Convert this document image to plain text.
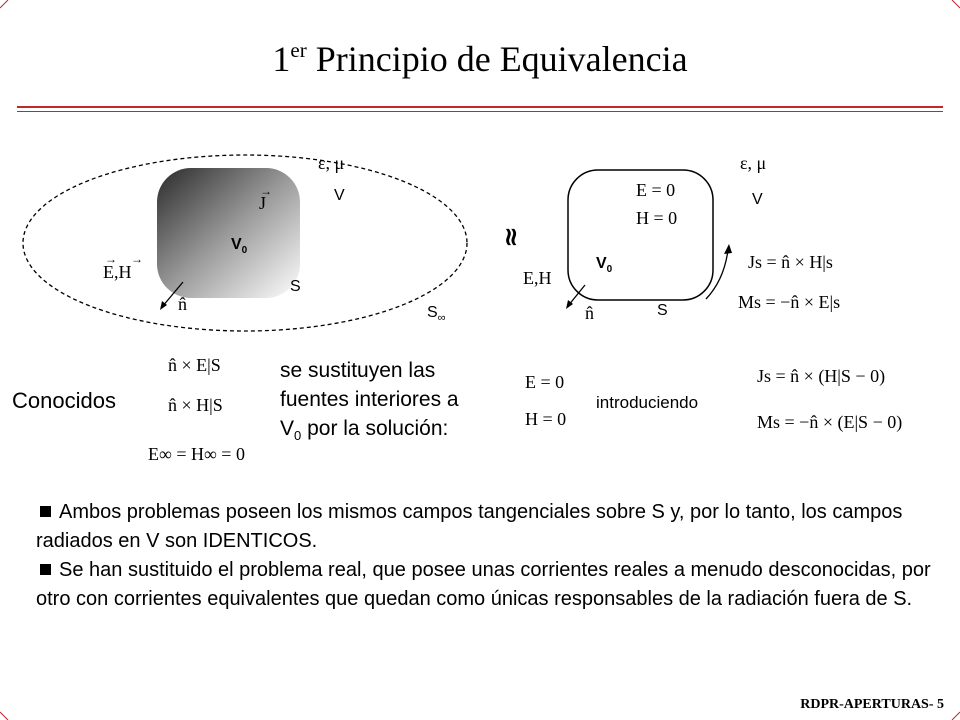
1er Principio de Equivalencia
ε, μ
V
→
J
$V_0$
S
→→
E,H
n̂	$S_\infty$
≈
ε, μ
V
E = 0
H = 0
$V_0$
S
E,H
n̂
Js = n̂ × H|s
Ms = −n̂ × E|s
Conocidos
n̂ × E|S
n̂ × H|S
E∞ = H∞ = 0
se sustituyen las
fuentes interiores a
$V_0$ por la solución:
E = 0
H = 0
introduciendo
Js = n̂ × (H|S − 0)
Ms = −n̂ × (E|S − 0)
Ambos problemas poseen los mismos campos tangenciales sobre S y, por lo tanto, los campos radiados en V son IDENTICOS.
Se han sustituido el problema real, que posee unas corrientes reales a menudo desconocidas, por otro con corrientes equivalentes que quedan como únicas responsables de la radiación fuera de S.
RDPR-APERTURAS- 5
